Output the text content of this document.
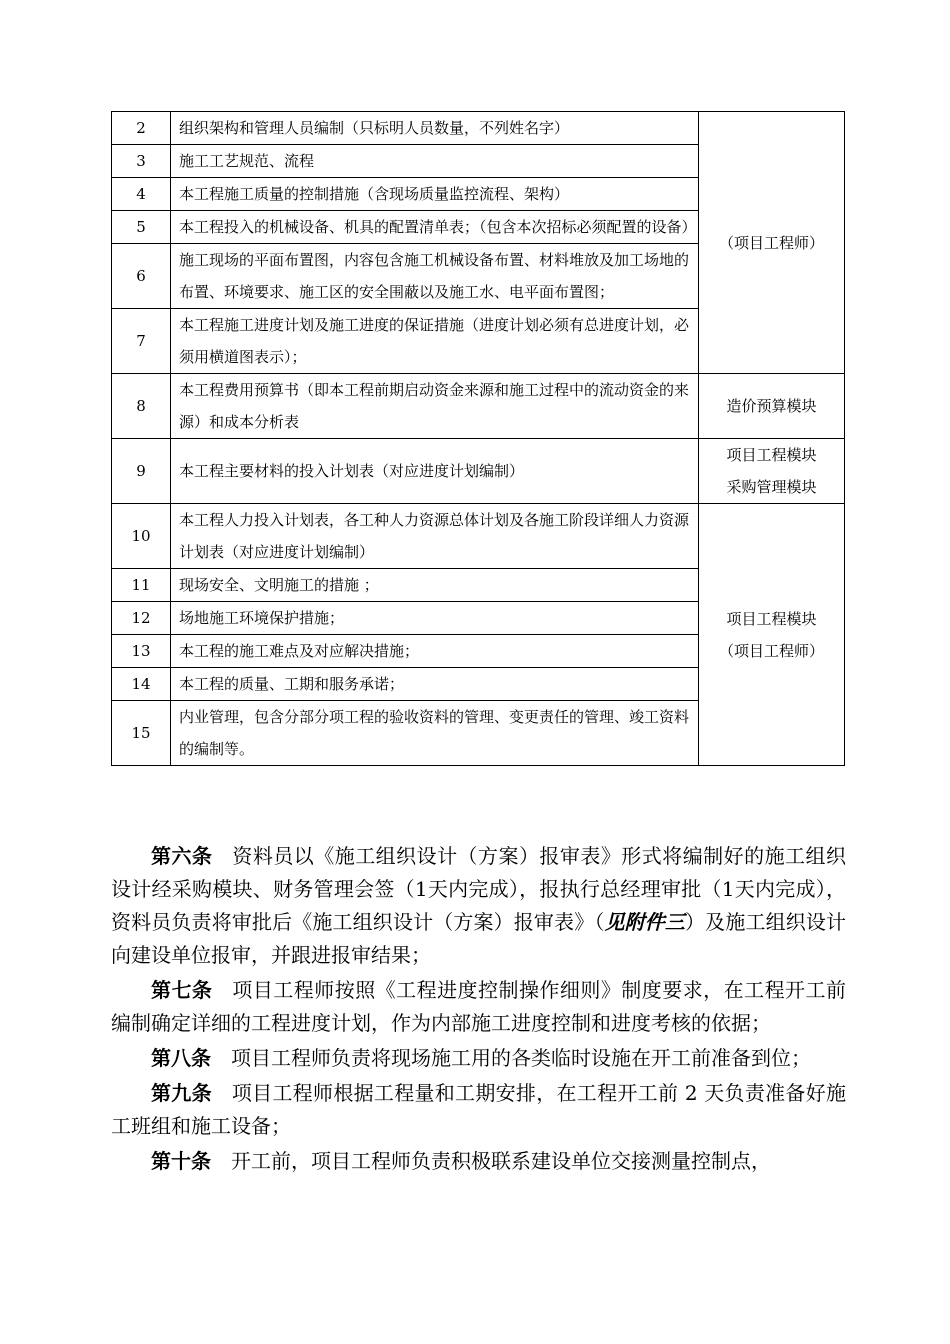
2	组织架构和管理人员编制（只标明人员数量，不列姓名字）	（项目工程师）
3	施工工艺规范、流程	
4	本工程施工质量的控制措施（含现场质量监控流程、架构）	
5	本工程投入的机械设备、机具的配置清单表；（包含本次招标必须配置的设备）	
6	施工现场的平面布置图，内容包含施工机械设备布置、材料堆放及加工场地的布置、环境要求、施工区的安全围蔽以及施工水、电平面布置图；	
7	本工程施工进度计划及施工进度的保证措施（进度计划必须有总进度计划，必须用横道图表示）；	
8	本工程费用预算书（即本工程前期启动资金来源和施工过程中的流动资金的来源）和成本分析表	造价预算模块
9	本工程主要材料的投入计划表（对应进度计划编制）	项目工程模块
采购管理模块

10	本工程人力投入计划表，各工种人力资源总体计划及各施工阶段详细人力资源计划表（对应进度计划编制）	项目工程模块
（项目工程师）

11	现场安全、文明施工的措施 ；	
12	场地施工环境保护措施；	
13	本工程的施工难点及对应解决措施；	
14	本工程的质量、工期和服务承诺；	
15	内业管理，包含分部分项工程的验收资料的管理、变更责任的管理、竣工资料的编制等。	

第六条 资料员以《施工组织设计（方案）报审表》形式将编制好的施工组织设计经采购模块、财务管理会签（1天内完成），报执行总经理审批（1天内完成），资料员负责将审批后《施工组织设计（方案）报审表》（见附件三）及施工组织设计向建设单位报审，并跟进报审结果；

第七条 项目工程师按照《工程进度控制操作细则》制度要求，在工程开工前编制确定详细的工程进度计划，作为内部施工进度控制和进度考核的依据；

第八条 项目工程师负责将现场施工用的各类临时设施在开工前准备到位；

第九条 项目工程师根据工程量和工期安排，在工程开工前 2 天负责准备好施工班组和施工设备；

第十条 开工前，项目工程师负责积极联系建设单位交接测量控制点，
